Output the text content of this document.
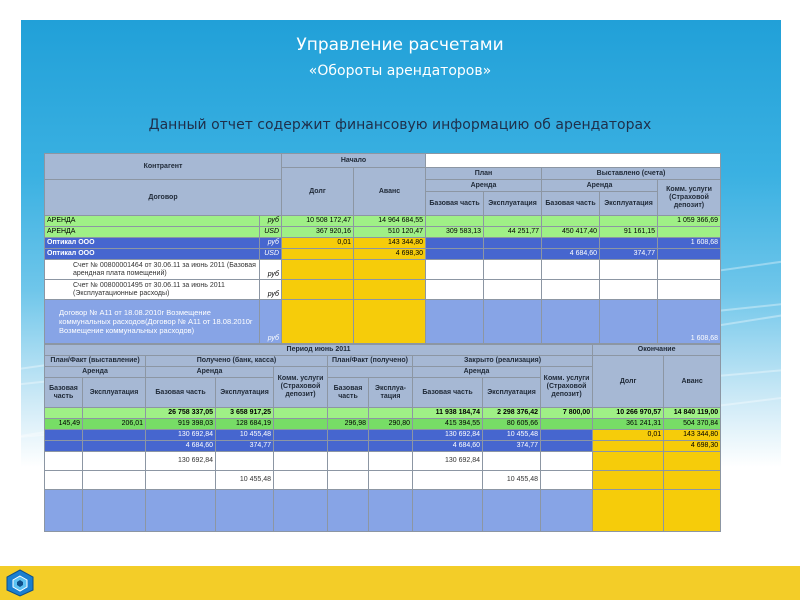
Управление расчетами
«Обороты арендаторов»
Данный отчет содержит финансовую информацию об арендаторах
Контрагент		Начало						
		Долг	Аванс	План		Выставлено (счета)		
Договор				Аренда		Аренда		Комм. услуги (Страховой депозит)
				Базовая часть	Эксплуатация	Базовая часть	Эксплуатация	

АРЕНДА	руб	10 508 172,47	14 964 684,55					1 059 366,69
АРЕНДА	USD	367 920,16	510 120,47	309 583,13	44 251,77	450 417,40	91 161,15	
Оптикал ООО	руб	0,01	143 344,80					1 608,68
Оптикал ООО	USD		4 698,30			4 684,60	374,77	
Счет № 00800001464 от 30.06.11 за июнь 2011 (Базовая арендная плата помещений)	руб							
Счет № 00800001495 от 30.06.11 за июнь 2011 (Эксплуатационные расходы)	руб							
Договор № А11 от 18.08.2010г Возмещение коммунальных расходов(Договор № А11 от 18.08.2010г Возмещение коммунальных расходов)	руб							1 608,68
Период июнь 2011										Окончание	
План/Факт (выставление)		Получено (банк, касса)			План/Факт (получено)		Закрыто (реализация)			Долг	Аванс
Аренда		Аренда		Комм. услуги (Страховой депозит)			Аренда		Комм. услуги (Страховой депозит)		
Базовая часть	Эксплуатация	Базовая часть	Эксплуатация		Базовая часть	Эксплуа-тация	Базовая часть	Эксплуатация			
		26 758 337,05	3 658 917,25				11 938 184,74	2 298 376,42	7 800,00	10 266 970,57	14 840 119,00
145,49	206,01	919 398,03	128 684,19		296,98	290,80	415 394,55	80 605,66		361 241,31	504 370,84
		130 692,84	10 455,48				130 692,84	10 455,48		0,01	143 344,80
		4 684,60	374,77				4 684,60	374,77			4 698,30
		130 692,84					130 692,84				
			10 455,48					10 455,48			
